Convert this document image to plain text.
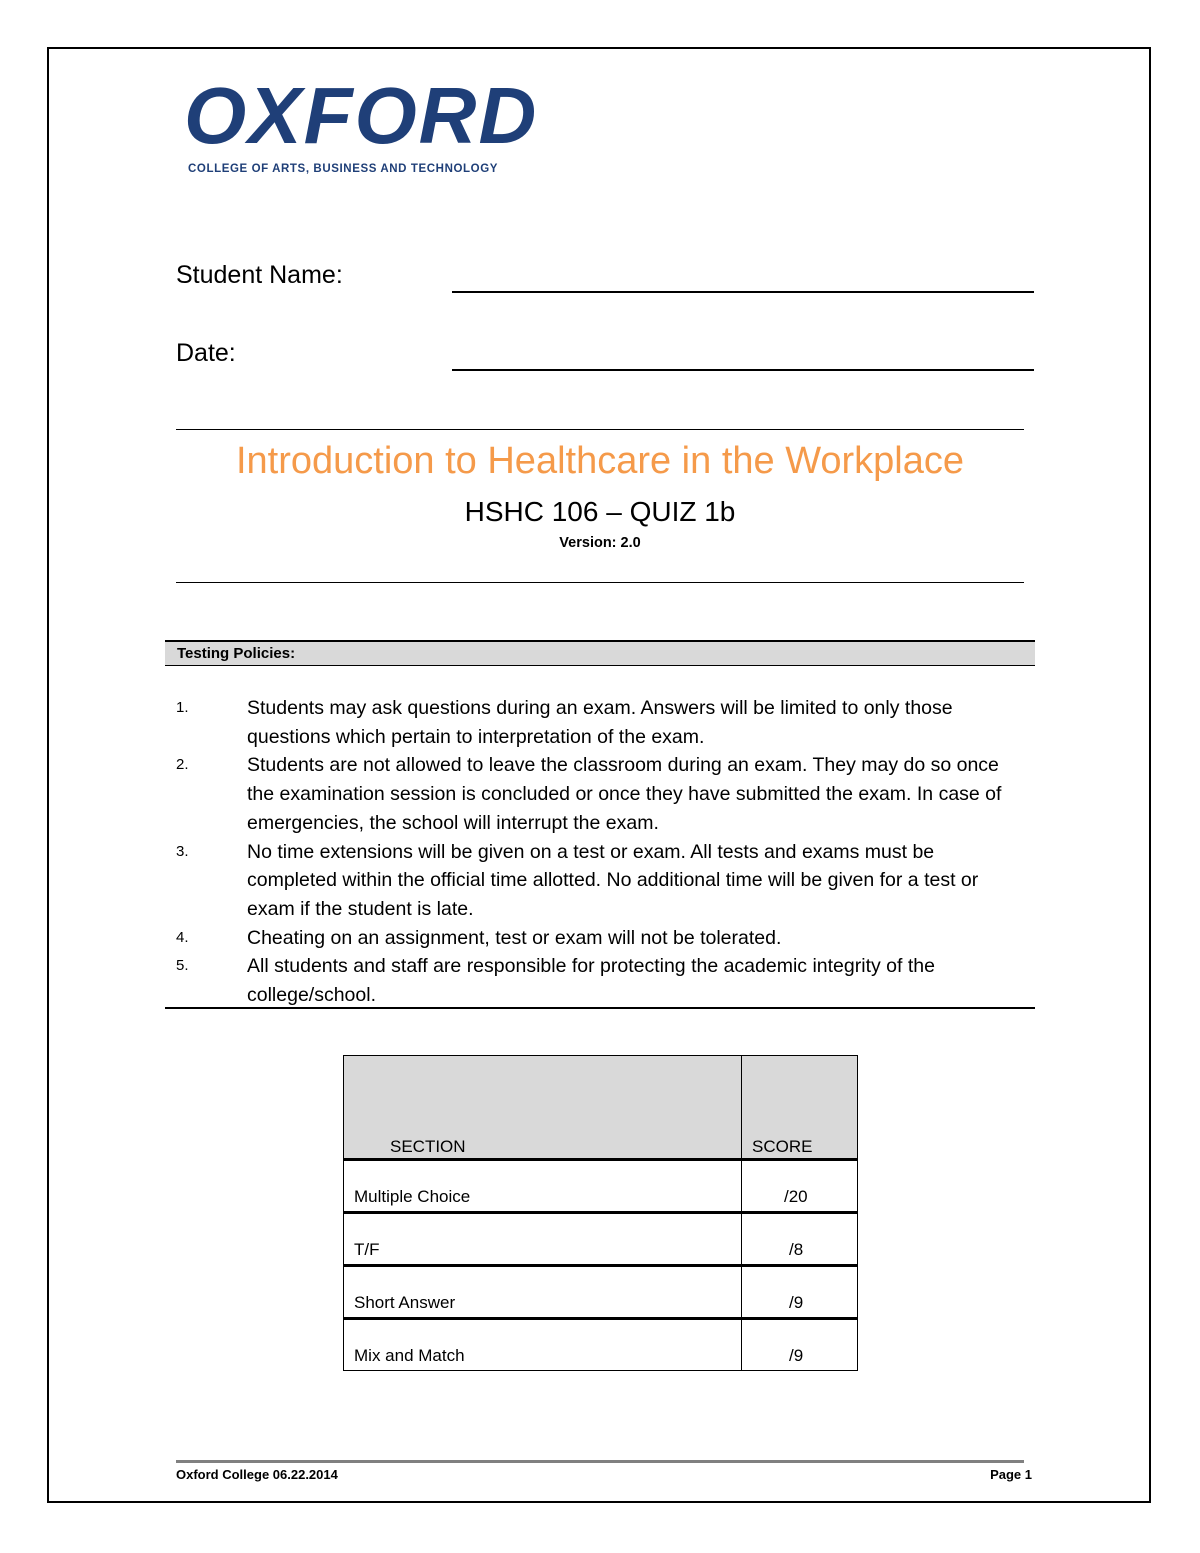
OXFORD
COLLEGE OF ARTS, BUSINESS AND TECHNOLOGY
Student Name:
Date:
Introduction to Healthcare in the Workplace
HSHC 106 – QUIZ 1b
Version: 2.0
Testing Policies:
1.	Students may ask questions during an exam. Answers will be limited to only those questions which pertain to interpretation of the exam.
2.	Students are not allowed to leave the classroom during an exam. They may do so once the examination session is concluded or once they have submitted the exam. In case of emergencies, the school will interrupt the exam.
3.	No time extensions will be given on a test or exam. All tests and exams must be completed within the official time allotted. No additional time will be given for a test or exam if the student is late.
4.	Cheating on an assignment, test or exam will not be tolerated.
5.	All students and staff are responsible for protecting the academic integrity of the college/school.
SECTION	SCORE
Multiple Choice	/20
T/F	/8
Short Answer	/9
Mix and Match	/9
Oxford College 06.22.2014	Page 1
